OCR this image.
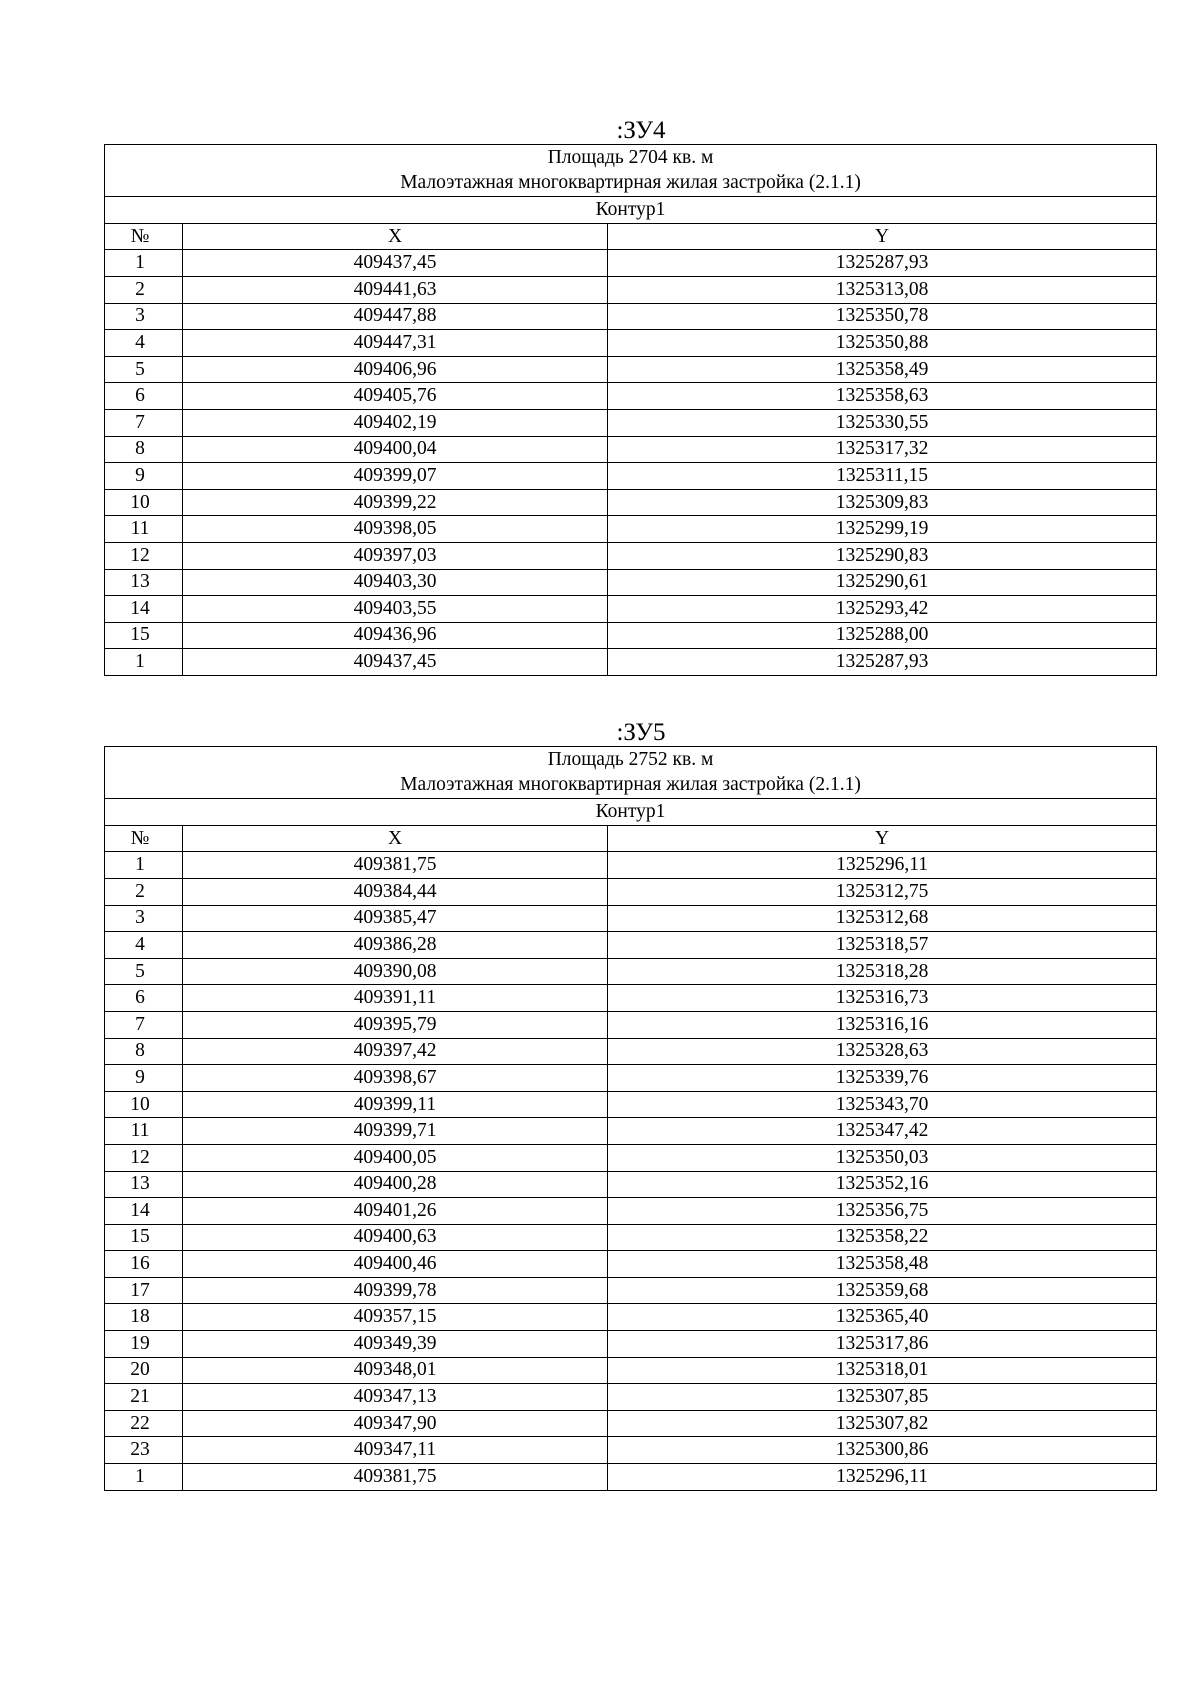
:ЗУ4
Площадь 2704 кв. м		
Малоэтажная многоквартирная жилая застройка (2.1.1)		
Контур1		
№	X	Y
1	409437,45	1325287,93
2	409441,63	1325313,08
3	409447,88	1325350,78
4	409447,31	1325350,88
5	409406,96	1325358,49
6	409405,76	1325358,63
7	409402,19	1325330,55
8	409400,04	1325317,32
9	409399,07	1325311,15
10	409399,22	1325309,83
11	409398,05	1325299,19
12	409397,03	1325290,83
13	409403,30	1325290,61
14	409403,55	1325293,42
15	409436,96	1325288,00
1	409437,45	1325287,93
:ЗУ5
Площадь 2752 кв. м		
Малоэтажная многоквартирная жилая застройка (2.1.1)		
Контур1		
№	X	Y
1	409381,75	1325296,11
2	409384,44	1325312,75
3	409385,47	1325312,68
4	409386,28	1325318,57
5	409390,08	1325318,28
6	409391,11	1325316,73
7	409395,79	1325316,16
8	409397,42	1325328,63
9	409398,67	1325339,76
10	409399,11	1325343,70
11	409399,71	1325347,42
12	409400,05	1325350,03
13	409400,28	1325352,16
14	409401,26	1325356,75
15	409400,63	1325358,22
16	409400,46	1325358,48
17	409399,78	1325359,68
18	409357,15	1325365,40
19	409349,39	1325317,86
20	409348,01	1325318,01
21	409347,13	1325307,85
22	409347,90	1325307,82
23	409347,11	1325300,86
1	409381,75	1325296,11
